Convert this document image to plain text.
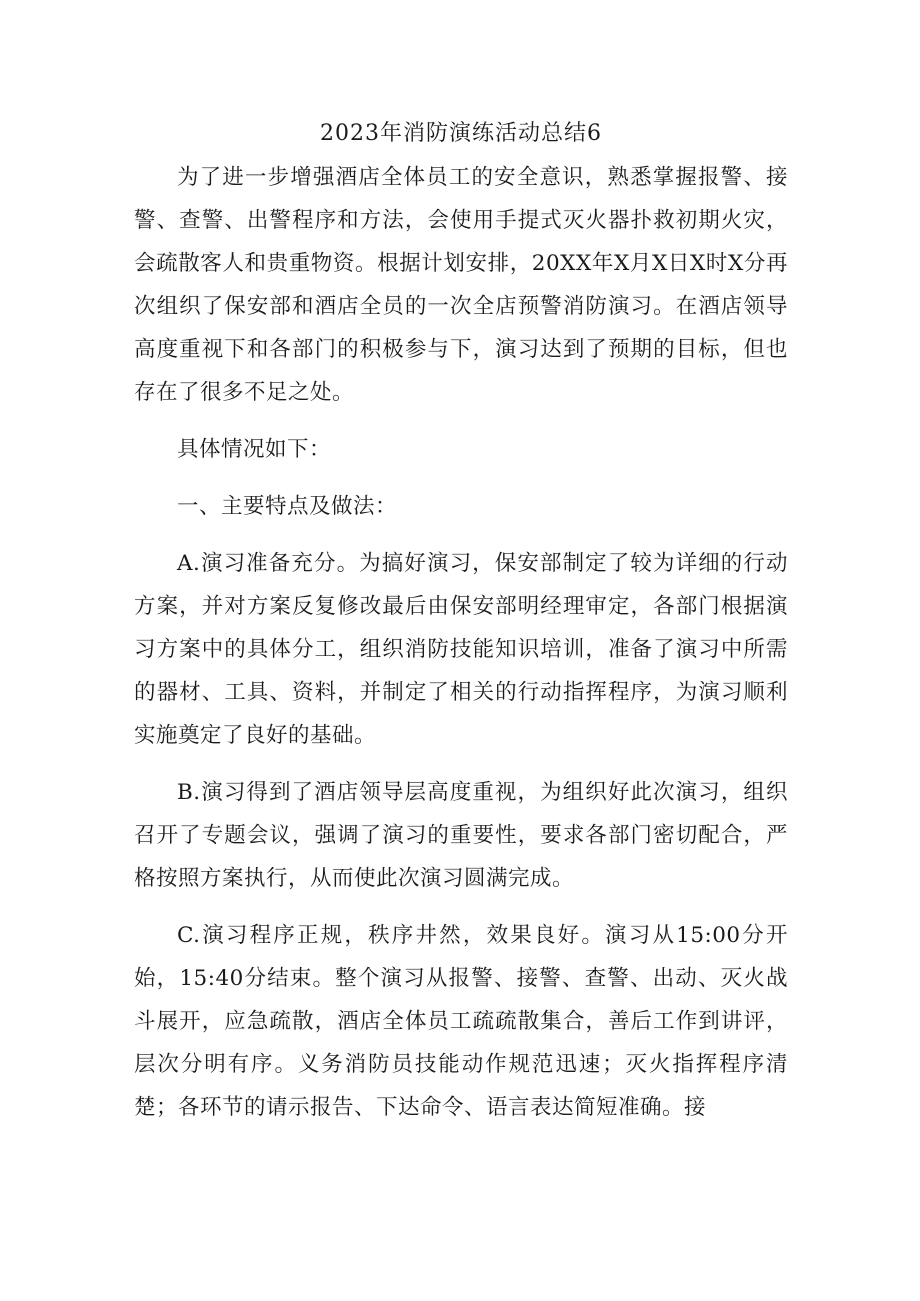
2023年消防演练活动总结6

为了进一步增强酒店全体员工的安全意识，熟悉掌握报警、接警、查警、出警程序和方法，会使用手提式灭火器扑救初期火灾，会疏散客人和贵重物资。根据计划安排，20XX年X月X日X时X分再次组织了保安部和酒店全员的一次全店预警消防演习。在酒店领导高度重视下和各部门的积极参与下，演习达到了预期的目标，但也存在了很多不足之处。

具体情况如下：

一、主要特点及做法：

A.演习准备充分。为搞好演习，保安部制定了较为详细的行动方案，并对方案反复修改最后由保安部明经理审定，各部门根据演习方案中的具体分工，组织消防技能知识培训，准备了演习中所需的器材、工具、资料，并制定了相关的行动指挥程序，为演习顺利实施奠定了良好的基础。

B.演习得到了酒店领导层高度重视，为组织好此次演习，组织召开了专题会议，强调了演习的重要性，要求各部门密切配合，严格按照方案执行，从而使此次演习圆满完成。

C.演习程序正规，秩序井然，效果良好。演习从15:00分开始，15:40分结束。整个演习从报警、接警、查警、出动、灭火战斗展开，应急疏散，酒店全体员工疏疏散集合，善后工作到讲评，层次分明有序。义务消防员技能动作规范迅速；灭火指挥程序清楚；各环节的请示报告、下达命令、语言表达简短准确。接
